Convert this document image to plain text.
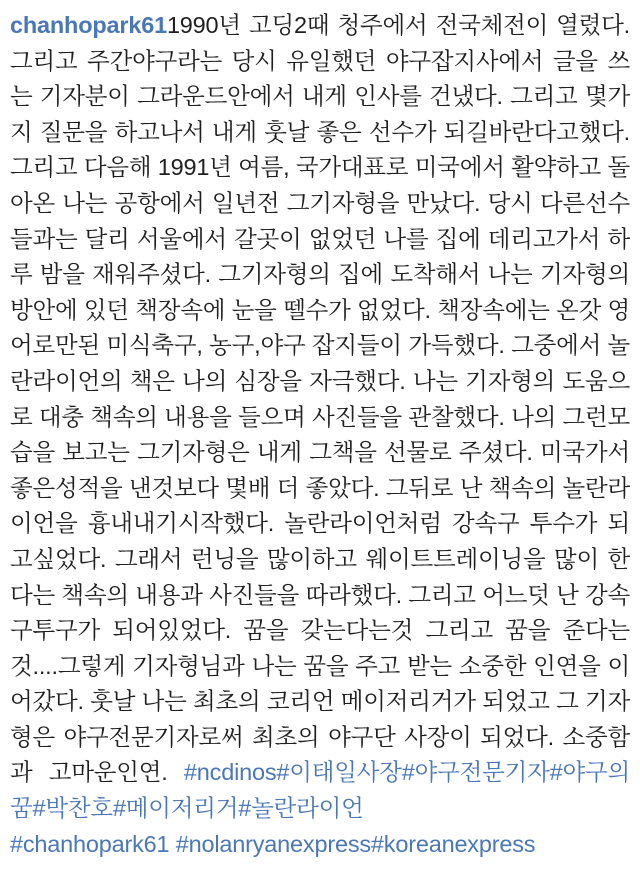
chanhopark611990년 고딩2때 청주에서 전국체전이 열렸다. 그리고 주간야구라는 당시 유일했던 야구잡지사에서 글을 쓰는 기자분이 그라운드안에서 내게 인사를 건냈다. 그리고 몇가지 질문을 하고나서 내게 훗날 좋은 선수가 되길바란다고했다. 그리고 다음해 1991년 여름, 국가대표로 미국에서 활약하고 돌아온 나는 공항에서 일년전 그기자형을 만났다. 당시 다른선수들과는 달리 서울에서 갈곳이 없었던 나를 집에 데리고가서 하루 밤을 재워주셨다. 그기자형의 집에 도착해서 나는 기자형의 방안에 있던 책장속에 눈을 뗄수가 없었다. 책장속에는 온갓 영어로만된 미식축구, 농구,야구 잡지들이 가득했다. 그중에서 놀란라이언의 책은 나의 심장을 자극했다. 나는 기자형의 도움으로 대충 책속의 내용을 들으며 사진들을 관찰했다. 나의 그런모습을 보고는 그기자형은 내게 그책을 선물로 주셨다. 미국가서 좋은성적을 낸것보다 몇배 더 좋았다. 그뒤로 난 책속의 놀란라이언을 흉내내기시작했다. 놀란라이언처럼 강속구 투수가 되고싶었다. 그래서 런닝을 많이하고 웨이트트레이닝을 많이 한다는 책속의 내용과 사진들을 따라했다. 그리고 어느덧 난 강속구투구가 되어있었다. 꿈을 갖는다는것 그리고 꿈을 준다는것....그렇게 기자형님과 나는 꿈을 주고 받는 소중한 인연을 이어갔다. 훗날 나는 최초의 코리언 메이저리거가 되었고 그 기자형은 야구전문기자로써 최초의 야구단 사장이 되었다. 소중함과 고마운인연. #ncdinos#이태일사장#야구전문기자#야구의꿈#박찬호#메이저리거#놀란라이언
#chanhopark61 #nolanryanexpress#koreanexpress
